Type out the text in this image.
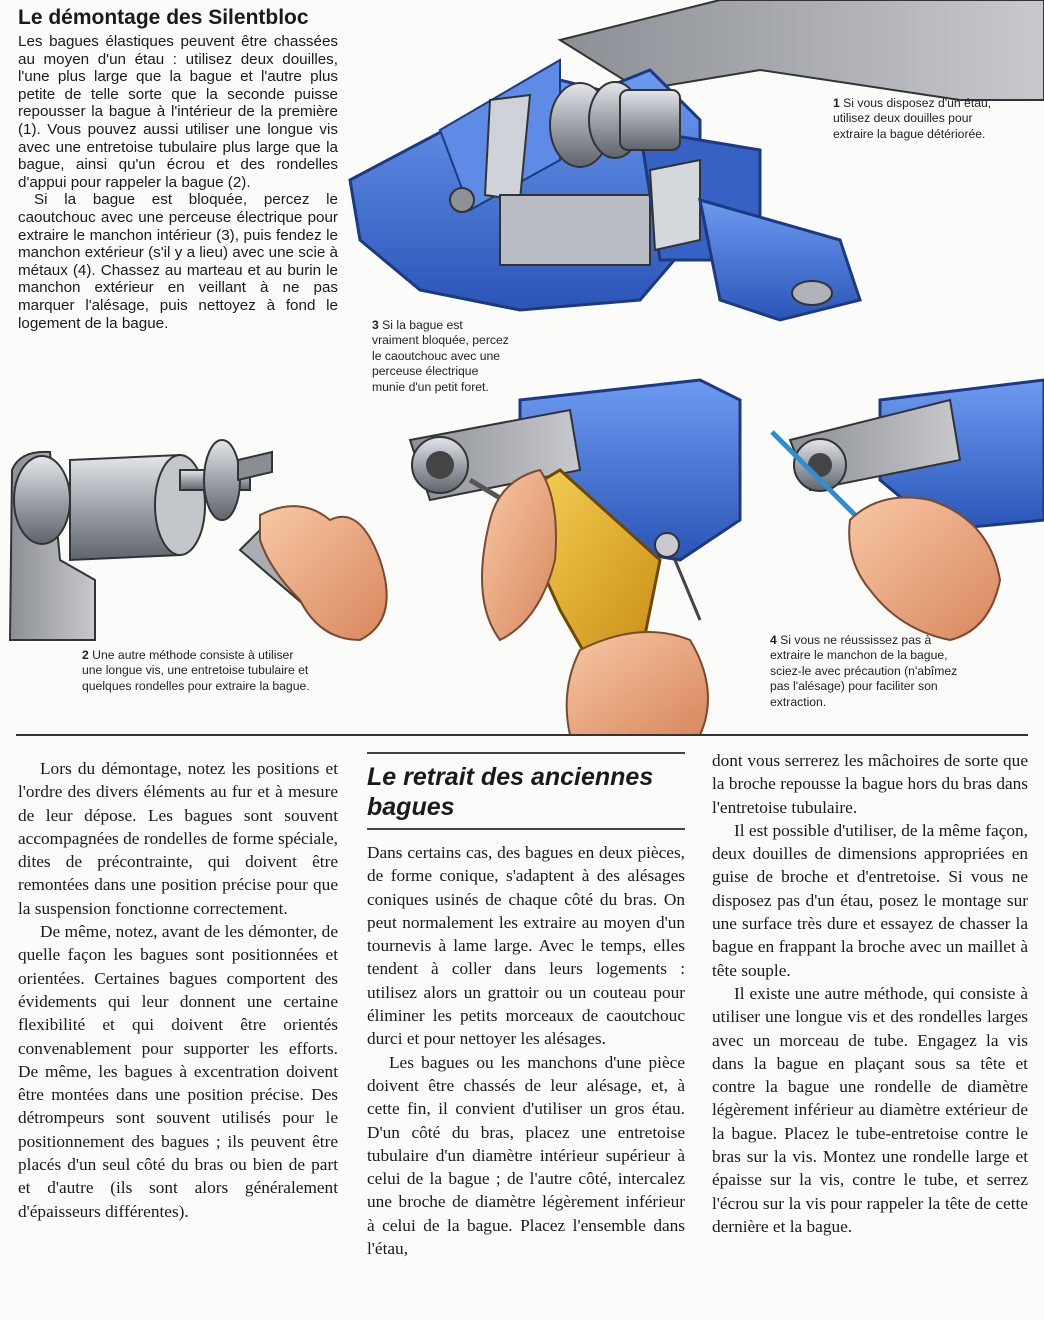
Le démontage des Silentbloc

Les bagues élastiques peuvent être chassées au moyen d'un étau : utilisez deux douilles, l'une plus large que la bague et l'autre plus petite de telle sorte que la seconde puisse repousser la bague à l'intérieur de la première (1). Vous pouvez aussi utiliser une longue vis avec une entretoise tubulaire plus large que la bague, ainsi qu'un écrou et des rondelles d'appui pour rappeler la bague (2).

Si la bague est bloquée, percez le caoutchouc avec une perceuse électrique pour extraire le manchon intérieur (3), puis fendez le manchon extérieur (s'il y a lieu) avec une scie à métaux (4). Chassez au marteau et au burin le manchon extérieur en veillant à ne pas marquer l'alésage, puis nettoyez à fond le logement de la bague.

1 Si vous disposez d'un étau, utilisez deux douilles pour extraire la bague détériorée.
3 Si la bague est vraiment bloquée, percez le caoutchouc avec une perceuse électrique munie d'un petit foret.
2 Une autre méthode consiste à utiliser une longue vis, une entretoise tubulaire et quelques rondelles pour extraire la bague.
4 Si vous ne réussissez pas à extraire le manchon de la bague, sciez-le avec précaution (n'abîmez pas l'alésage) pour faciliter son extraction.

Lors du démontage, notez les positions et l'ordre des divers éléments au fur et à mesure de leur dépose. Les bagues sont souvent accompagnées de rondelles de forme spéciale, dites de précontrainte, qui doivent être remontées dans une position précise pour que la suspension fonctionne correctement.

De même, notez, avant de les démonter, de quelle façon les bagues sont positionnées et orientées. Certaines bagues comportent des évidements qui leur donnent une certaine flexibilité et qui doivent être orientés convenablement pour supporter les efforts. De même, les bagues à excentration doivent être montées dans une position précise. Des détrompeurs sont souvent utilisés pour le positionnement des bagues ; ils peuvent être placés d'un seul côté du bras ou bien de part et d'autre (ils sont alors généralement d'épaisseurs différentes).

Le retrait des anciennes bagues

Dans certains cas, des bagues en deux pièces, de forme conique, s'adaptent à des alésages coniques usinés de chaque côté du bras. On peut normalement les extraire au moyen d'un tournevis à lame large. Avec le temps, elles tendent à coller dans leurs logements : utilisez alors un grattoir ou un couteau pour éliminer les petits morceaux de caoutchouc durci et pour nettoyer les alésages.

Les bagues ou les manchons d'une pièce doivent être chassés de leur alésage, et, à cette fin, il convient d'utiliser un gros étau. D'un côté du bras, placez une entretoise tubulaire d'un diamètre intérieur supérieur à celui de la bague ; de l'autre côté, intercalez une broche de diamètre légèrement inférieur à celui de la bague. Placez l'ensemble dans l'étau,

dont vous serrerez les mâchoires de sorte que la broche repousse la bague hors du bras dans l'entretoise tubulaire.

Il est possible d'utiliser, de la même façon, deux douilles de dimensions appropriées en guise de broche et d'entretoise. Si vous ne disposez pas d'un étau, posez le montage sur une surface très dure et essayez de chasser la bague en frappant la broche avec un maillet à tête souple.

Il existe une autre méthode, qui consiste à utiliser une longue vis et des rondelles larges avec un morceau de tube. Engagez la vis dans la bague en plaçant sous sa tête et contre la bague une rondelle de diamètre légèrement inférieur au diamètre extérieur de la bague. Placez le tube-entretoise contre le bras sur la vis. Montez une rondelle large et épaisse sur la vis, contre le tube, et serrez l'écrou sur la vis pour rappeler la tête de cette dernière et la bague.
